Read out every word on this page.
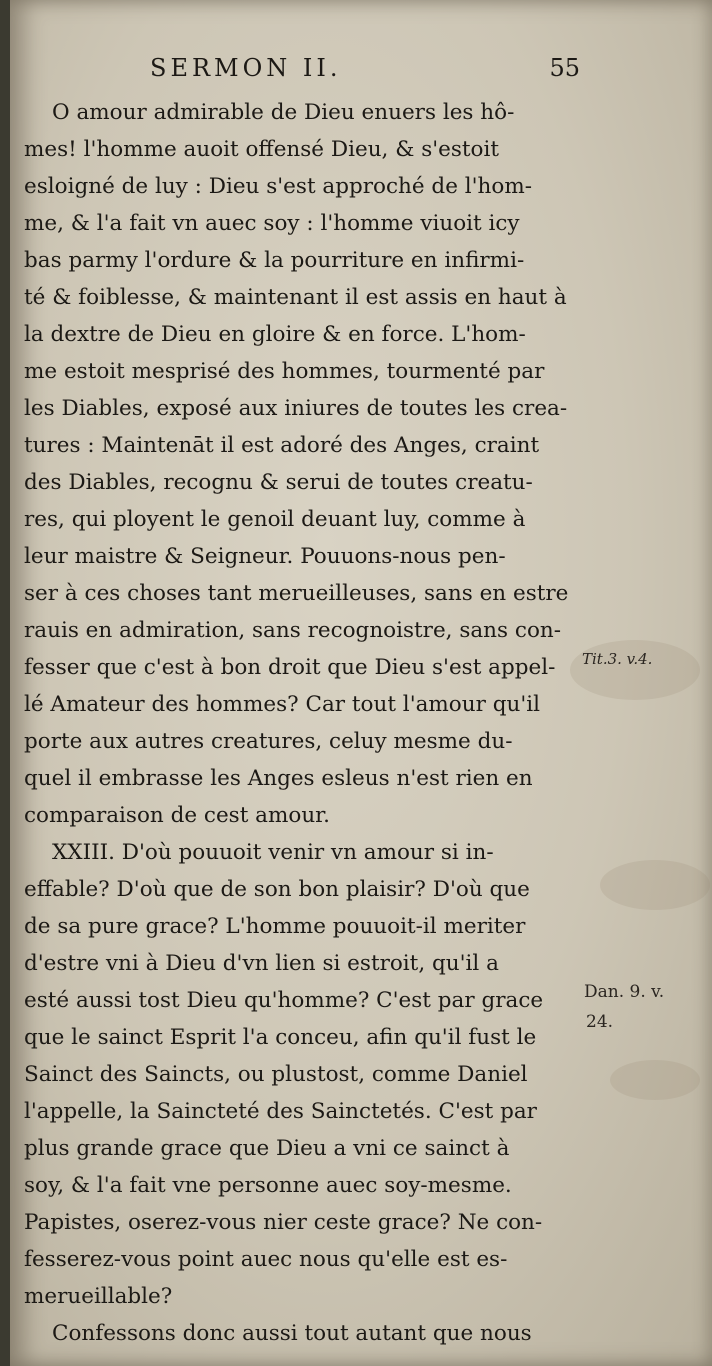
SERMON II.	55
O amour admirable de Dieu enuers les hô-
mes! l'homme auoit offensé Dieu, & s'estoit
esloigné de luy : Dieu s'est approché de l'hom-
me, & l'a fait vn auec soy : l'homme viuoit icy
bas parmy l'ordure & la pourriture en infirmi-
té & foiblesse, & maintenant il est assis en haut à
la dextre de Dieu en gloire & en force. L'hom-
me estoit mesprisé des hommes, tourmenté par
les Diables, exposé aux iniures de toutes les crea-
tures : Maintenāt il est adoré des Anges, craint
des Diables, recognu & serui de toutes creatu-
res, qui ployent le genoil deuant luy, comme à
leur maistre & Seigneur. Pouuons-nous pen-
ser à ces choses tant merueilleuses, sans en estre
rauis en admiration, sans recognoistre, sans con-
fesser que c'est à bon droit que Dieu s'est appel-
lé Amateur des hommes? Car tout l'amour qu'il
porte aux autres creatures, celuy mesme du-
quel il embrasse les Anges esleus n'est rien en
comparaison de cest amour.
XXIII. D'où pouuoit venir vn amour si in-
effable? D'où que de son bon plaisir? D'où que
de sa pure grace? L'homme pouuoit-il meriter
d'estre vni à Dieu d'vn lien si estroit, qu'il a
esté aussi tost Dieu qu'homme? C'est par grace
que le sainct Esprit l'a conceu, afin qu'il fust le
Sainct des Saincts, ou plustost, comme Daniel
l'appelle, la Saincteté des Sainctetés. C'est par
plus grande grace que Dieu a vni ce sainct à
soy, & l'a fait vne personne auec soy-mesme.
Papistes, oserez-vous nier ceste grace? Ne con-
fesserez-vous point auec nous qu'elle est es-
merueillable?
Confessons donc aussi tout autant que nous
Tit.3. v.4.
Dan. 9. v.
24.
